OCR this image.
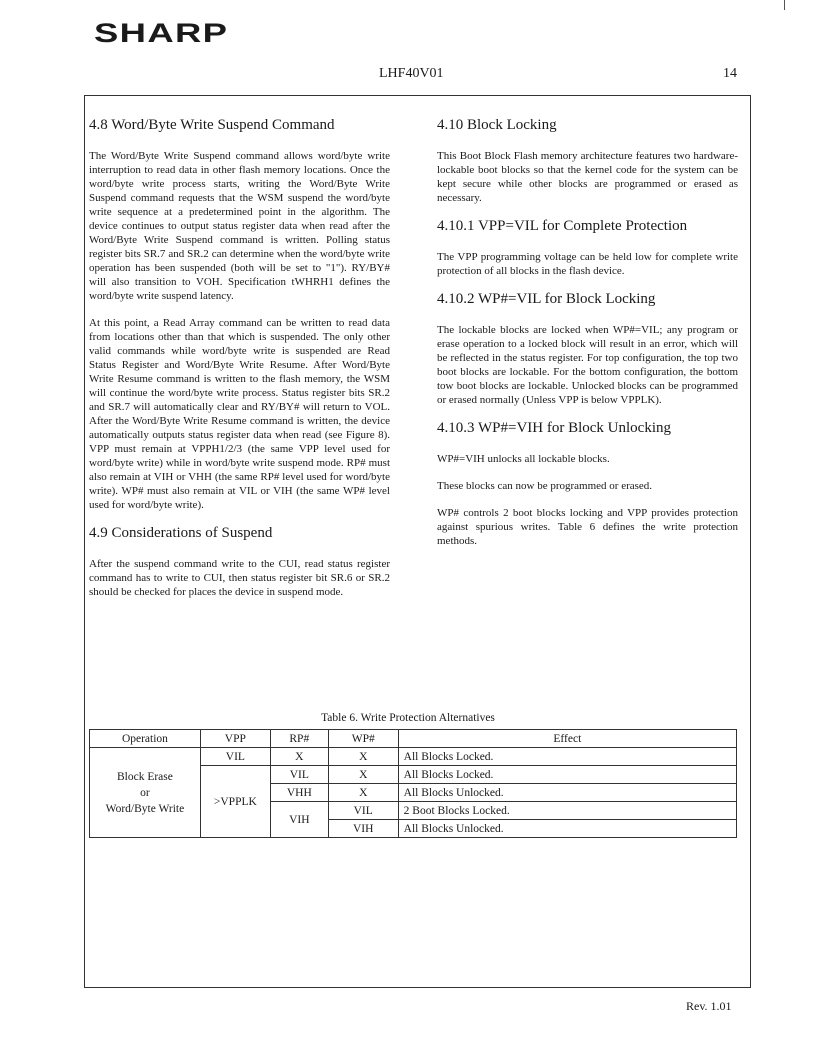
SHARP
LHF40V01	14
4.8 Word/Byte Write Suspend Command

The Word/Byte Write Suspend command allows word/byte write interruption to read data in other flash memory locations. Once the word/byte write process starts, writing the Word/Byte Write Suspend command requests that the WSM suspend the word/byte write sequence at a predetermined point in the algorithm. The device continues to output status register data when read after the Word/Byte Write Suspend command is written. Polling status register bits SR.7 and SR.2 can determine when the word/byte write operation has been suspended (both will be set to "1"). RY/BY# will also transition to VOH. Specification tWHRH1 defines the word/byte write suspend latency.

At this point, a Read Array command can be written to read data from locations other than that which is suspended. The only other valid commands while word/byte write is suspended are Read Status Register and Word/Byte Write Resume. After Word/Byte Write Resume command is written to the flash memory, the WSM will continue the word/byte write process. Status register bits SR.2 and SR.7 will automatically clear and RY/BY# will return to VOL. After the Word/Byte Write Resume command is written, the device automatically outputs status register data when read (see Figure 8). VPP must remain at VPPH1/2/3 (the same VPP level used for word/byte write) while in word/byte write suspend mode. RP# must also remain at VIH or VHH (the same RP# level used for word/byte write). WP# must also remain at VIL or VIH (the same WP# level used for word/byte write).

4.9 Considerations of Suspend

After the suspend command write to the CUI, read status register command has to write to CUI, then status register bit SR.6 or SR.2 should be checked for places the device in suspend mode.

4.10 Block Locking

This Boot Block Flash memory architecture features two hardware-lockable boot blocks so that the kernel code for the system can be kept secure while other blocks are programmed or erased as necessary.

4.10.1 VPP=VIL for Complete Protection

The VPP programming voltage can be held low for complete write protection of all blocks in the flash device.

4.10.2 WP#=VIL for Block Locking

The lockable blocks are locked when WP#=VIL; any program or erase operation to a locked block will result in an error, which will be reflected in the status register. For top configuration, the top two boot blocks are lockable. For the bottom configuration, the bottom tow boot blocks are lockable. Unlocked blocks can be programmed or erased normally (Unless VPP is below VPPLK).

4.10.3 WP#=VIH for Block Unlocking

WP#=VIH unlocks all lockable blocks.

These blocks can now be programmed or erased.

WP# controls 2 boot blocks locking and VPP provides protection against spurious writes. Table 6 defines the write protection methods.

Table 6. Write Protection Alternatives
Operation	VPP	RP#	WP#	Effect

Block Erase
or
Word/Byte Write	VIL	X	X	All Blocks Locked.
	>VPPLK	VIL	X	All Blocks Locked.
		VHH	X	All Blocks Unlocked.
		VIH	VIL	2 Boot Blocks Locked.
			VIH	All Blocks Unlocked.
Rev. 1.01
